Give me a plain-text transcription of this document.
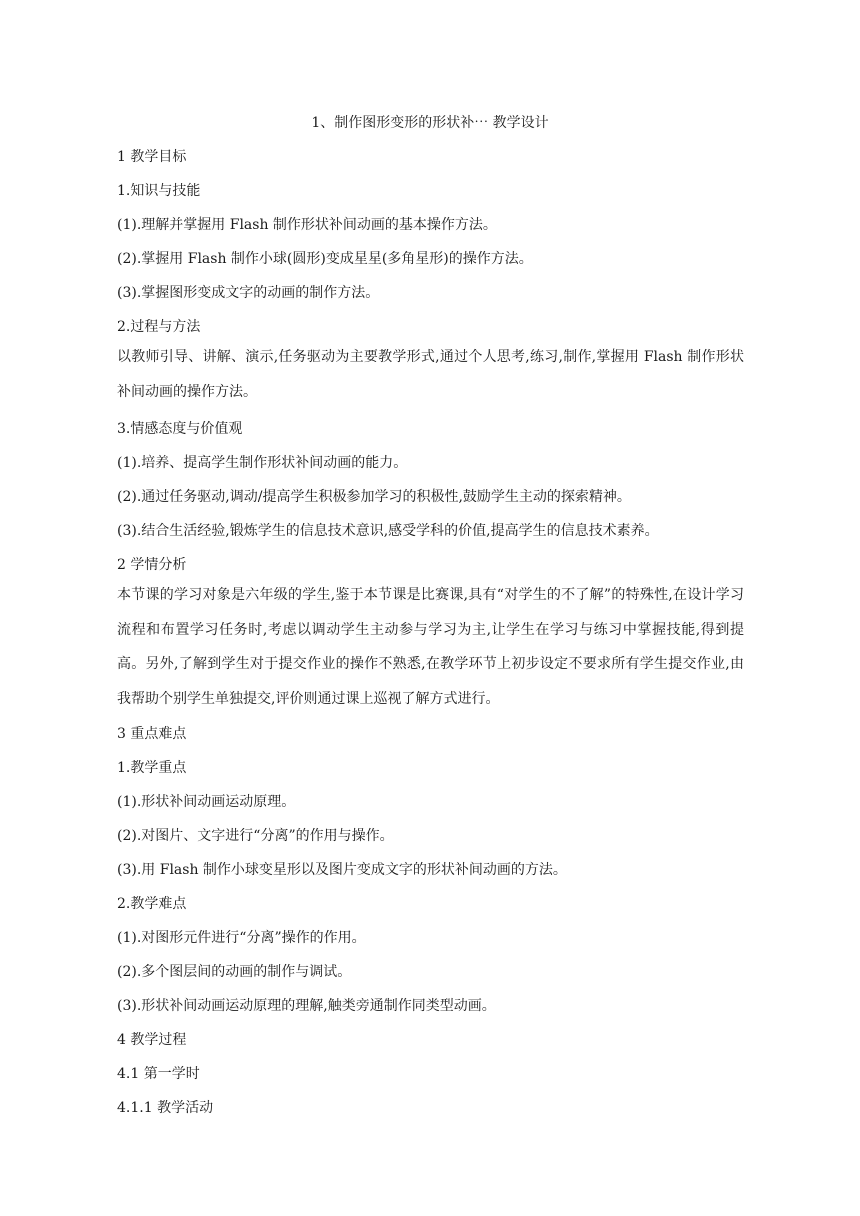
1、制作图形变形的形状补⋯ 教学设计
1 教学目标
1.知识与技能
(1).理解并掌握用 Flash 制作形状补间动画的基本操作方法。
(2).掌握用 Flash 制作小球(圆形)变成星星(多角星形)的操作方法。
(3).掌握图形变成文字的动画的制作方法。
2.过程与方法
以教师引导、讲解、演示,任务驱动为主要教学形式,通过个人思考,练习,制作,掌握用 Flash 制作形状补间动画的操作方法。
3.情感态度与价值观
(1).培养、提高学生制作形状补间动画的能力。
(2).通过任务驱动,调动/提高学生积极参加学习的积极性,鼓励学生主动的探索精神。
(3).结合生活经验,锻炼学生的信息技术意识,感受学科的价值,提高学生的信息技术素养。
2 学情分析
本节课的学习对象是六年级的学生,鉴于本节课是比赛课,具有“对学生的不了解”的特殊性,在设计学习流程和布置学习任务时,考虑以调动学生主动参与学习为主,让学生在学习与练习中掌握技能,得到提高。另外,了解到学生对于提交作业的操作不熟悉,在教学环节上初步设定不要求所有学生提交作业,由我帮助个别学生单独提交,评价则通过课上巡视了解方式进行。
3 重点难点
1.教学重点
(1).形状补间动画运动原理。
(2).对图片、文字进行“分离”的作用与操作。
(3).用 Flash 制作小球变星形以及图片变成文字的形状补间动画的方法。
2.教学难点
(1).对图形元件进行“分离”操作的作用。
(2).多个图层间的动画的制作与调试。
(3).形状补间动画运动原理的理解,触类旁通制作同类型动画。
4 教学过程
4.1 第一学时
4.1.1 教学活动
